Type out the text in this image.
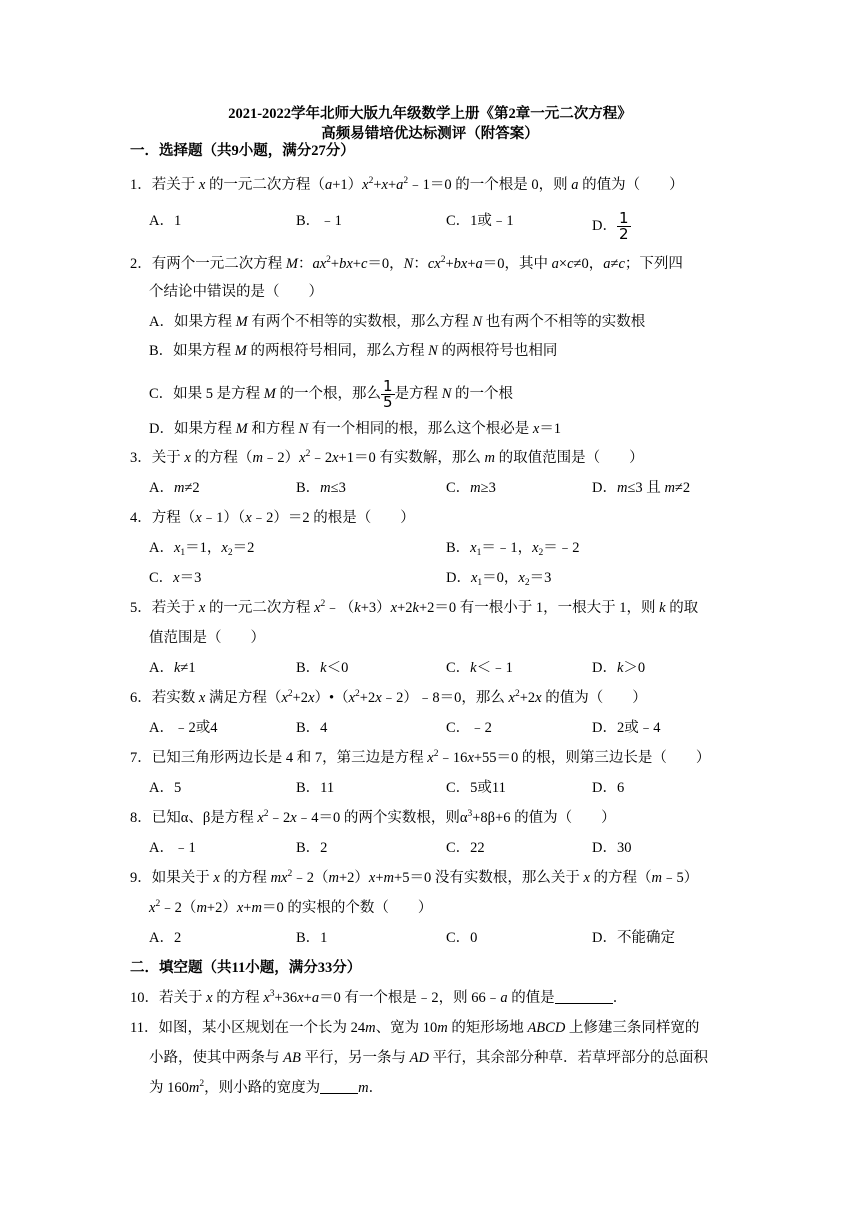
2021-2022学年北师大版九年级数学上册《第2章一元二次方程》
高频易错培优达标测评（附答案）
一．选择题（共9小题，满分27分）
1．若关于 x 的一元二次方程$(a+1)x^2+x+a^2﹣1=0$ 的一个根是 0，则 a 的值为（　　）
A．1	B．﹣1	C．1或﹣1	D． $\frac{1}{2}$
2．有两个一元二次方程 M：$ax^2+bx+c=0$，N：$cx^2+bx+a=0$，其中 a×c≠0，a≠c；下列四
个结论中错误的是（　　）
A．如果方程 M 有两个不相等的实数根，那么方程 N 也有两个不相等的实数根
B．如果方程 M 的两根符号相同，那么方程 N 的两根符号也相同
C．如果 5 是方程 M 的一个根，那么 $\frac{1}{5}$ 是方程 N 的一个根
D．如果方程 M 和方程 N 有一个相同的根，那么这个根必是 x＝1
3．关于 x 的方程$(m﹣2)x^2﹣2x+1=0$ 有实数解，那么 m 的取值范围是（　　）
A．m≠2	B．m≤3	C．m≥3	D．m≤3 且 m≠2
4．方程（x﹣1）（x﹣2）＝2 的根是（　　）
A．$x_1=1$，$x_2=2$	B．$x_1=﹣1$，$x_2=﹣2$
C．x＝3	D．$x_1=0$，$x_2=3$
5．若关于 x 的一元二次方程 $x^2﹣(k+3)x+2k+2=0$ 有一根小于 1，一根大于 1，则 k 的取
值范围是（　　）
A．k≠1	B．k＜0	C．k＜﹣1	D．k＞0
6．若实数 x 满足方程$(x^2+2x)•(x^2+2x﹣2)﹣8=0$，那么 $x^2+2x$ 的值为（　　）
A．﹣2或4	B．4	C．﹣2	D．2或﹣4
7．已知三角形两边长是 4 和 7，第三边是方程 $x^2﹣16x+55=0$ 的根，则第三边长是（　　）
A．5	B．11	C．5或11	D．6
8．已知α、β是方程 $x^2﹣2x﹣4=0$ 的两个实数根，则$\alpha^3+8\beta+6$ 的值为（　　）
A．﹣1	B．2	C．22	D．30
9．如果关于 x 的方程 $mx^2﹣2(m+2)x+m+5=0$ 没有实数根，那么关于 x 的方程（m﹣5）
$x^2﹣2(m+2)x+m=0$ 的实根的个数（　　）
A．2	B．1	C．0	D．不能确定
二．填空题（共11小题，满分33分）
10．若关于 x 的方程 $x^3+36x+a=0$ 有一个根是﹣2，则 66﹣a 的值是	．
11．如图，某小区规划在一个长为 24m、宽为 10m 的矩形场地 ABCD 上修建三条同样宽的
小路，使其中两条与 AB 平行，另一条与 AD 平行，其余部分种草．若草坪部分的总面积
为 $160m^2$，则小路的宽度为	m．
